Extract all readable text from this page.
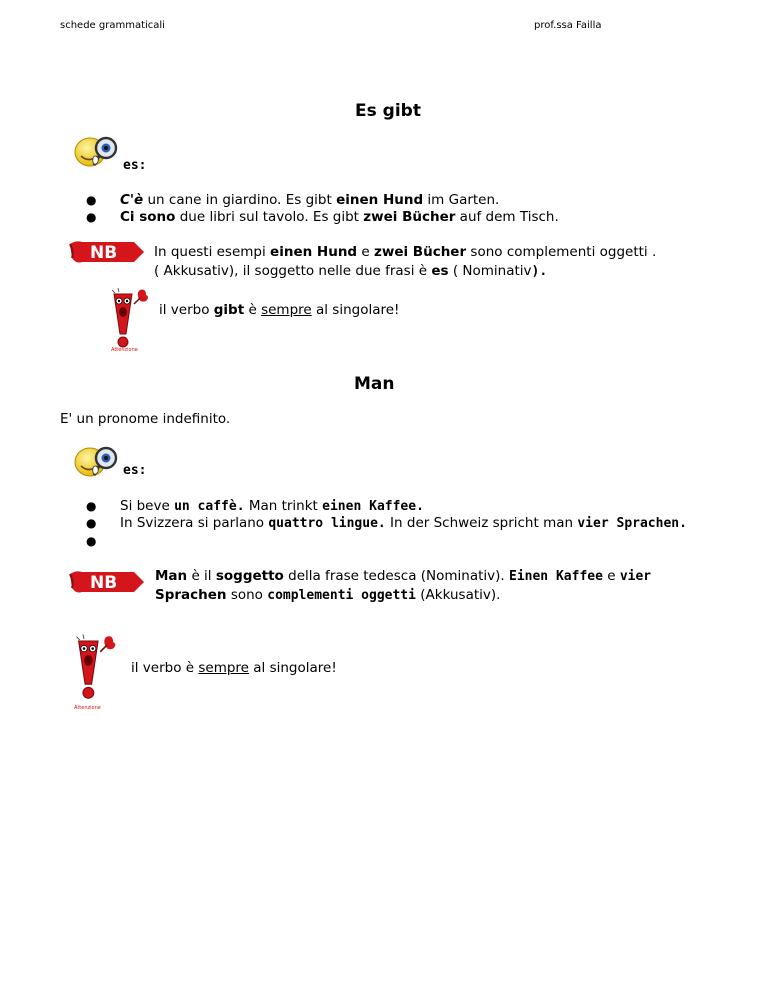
schede grammaticali	prof.ssa Failla
Es gibt
es:
● C'è un cane in giardino. Es gibt einen Hund im Garten.
● Ci sono due libri sul tavolo. Es gibt zwei Bücher auf dem Tisch.
NB	In questi esempi einen Hund e zwei Bücher sono complementi oggetti .
( Akkusativ), il soggetto nelle due frasi è es ( Nominativ).
Attenzione
il verbo gibt è sempre al singolare!
Man
E' un pronome indefinito.
es:
● Si beve un caffè. Man trinkt einen Kaffee.
● In Svizzera si parlano quattro lingue. In der Schweiz spricht man vier Sprachen.
●
NB	Man è il soggetto della frase tedesca (Nominativ). Einen Kaffee e vier
Sprachen sono complementi oggetti (Akkusativ).
Attenzione
il verbo è sempre al singolare!
